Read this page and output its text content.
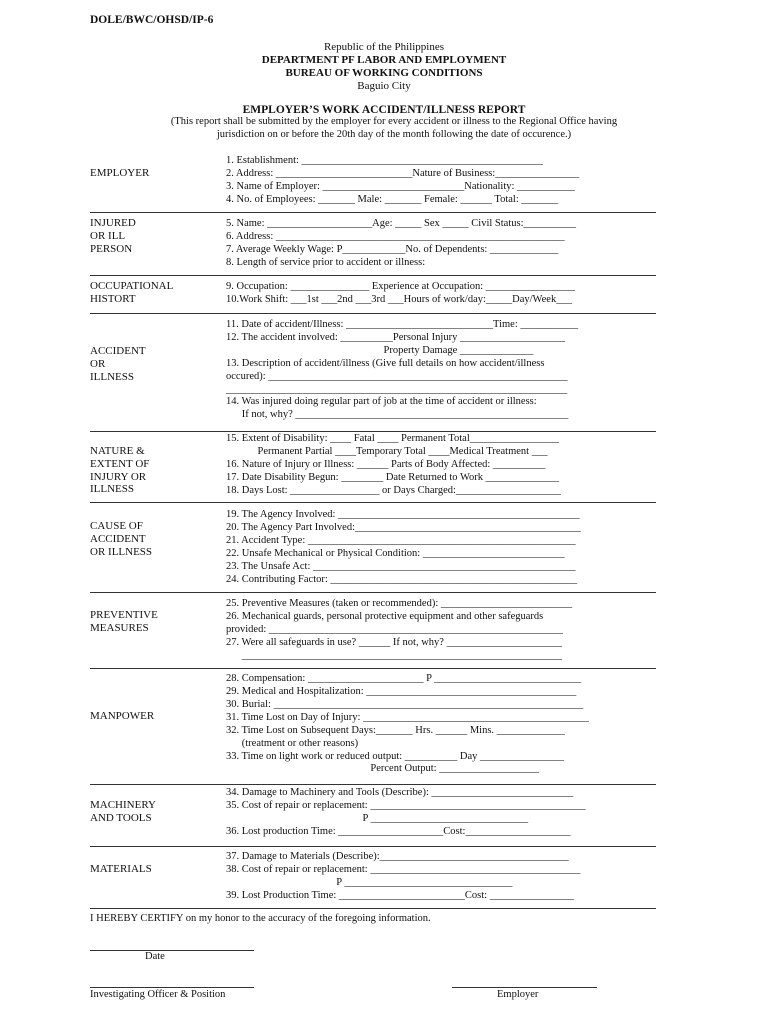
DOLE/BWC/OHSD/IP-6
Republic of the Philippines
DEPARTMENT PF LABOR AND EMPLOYMENT
BUREAU OF WORKING CONDITIONS
Baguio City
EMPLOYER’S WORK ACCIDENT/ILLNESS REPORT
(This report shall be submitted by the employer for every accident or illness to the Regional Office having
jurisdiction on or before the 20th day of the month following the date of occurence.)
EMPLOYER
1. Establishment: ______________________________________________
2. Address: __________________________Nature of Business:________________
3. Name of Employer: ___________________________Nationality: ___________
4. No. of Employees: _______ Male: _______ Female: ______ Total: _______
INJURED
OR ILL
PERSON
5. Name: ____________________Age: _____ Sex _____ Civil Status:__________
6. Address: _______________________________________________________
7. Average Weekly Wage: P____________No. of Dependents: _____________
8. Length of service prior to accident or illness:
OCCUPATIONAL
HISTORT
9. Occupation: _______________ Experience at Occupation: _________________
10.Work Shift: ___1st ___2nd ___3rd ___Hours of work/day:_____Day/Week___
ACCIDENT
OR
ILLNESS
11. Date of accident/Illness: ____________________________Time: ___________
12. The accident involved: __________Personal Injury ____________________
Property Damage ______________
13. Description of accident/illness (Give full details on how accident/illness
occured): _________________________________________________________
_________________________________________________________________
14. Was injured doing regular part of job at the time of accident or illness:
If not, why? ____________________________________________________
NATURE &
EXTENT OF
INJURY OR
ILLNESS
15. Extent of Disability: ____ Fatal ____ Permanent Total_________________
Permanent Partial ____Temporary Total ____Medical Treatment ___
16. Nature of Injury or Illness: ______ Parts of Body Affected: __________
17. Date Disability Begun: ________ Date Returned to Work ______________
18. Days Lost: _________________ or Days Charged:____________________
CAUSE OF
ACCIDENT
OR ILLNESS
19. The Agency Involved: ______________________________________________
20. The Agency Part Involved:___________________________________________
21. Accident Type: ___________________________________________________
22. Unsafe Mechanical or Physical Condition: ___________________________
23. The Unsafe Act: __________________________________________________
24. Contributing Factor: _______________________________________________
PREVENTIVE
MEASURES
25. Preventive Measures (taken or recommended): _________________________
26. Mechanical guards, personal protective equipment and other safeguards
provided: ________________________________________________________
27. Were all safeguards in use? ______ If not, why? ______________________
_____________________________________________________________
MANPOWER
28. Compensation: ______________________ P ____________________________
29. Medical and Hospitalization: ________________________________________
30. Burial: ___________________________________________________________
31. Time Lost on Day of Injury: ___________________________________________
32. Time Lost on Subsequent Days:_______ Hrs. ______ Mins. _____________
(treatment or other reasons)
33. Time on light work or reduced output: __________ Day ________________
Percent Output: ___________________
MACHINERY
AND TOOLS
34. Damage to Machinery and Tools (Describe): ___________________________
35. Cost of repair or replacement: _________________________________________
P ______________________________
36. Lost production Time: ____________________Cost:____________________
MATERIALS
37. Damage to Materials (Describe):____________________________________
38. Cost of repair or replacement: ________________________________________
P ________________________________
39. Lost Production Time: ________________________Cost: ________________
I HEREBY CERTIFY on my honor to the accuracy of the foregoing information.
Date
Investigating Officer & Position	Employer
